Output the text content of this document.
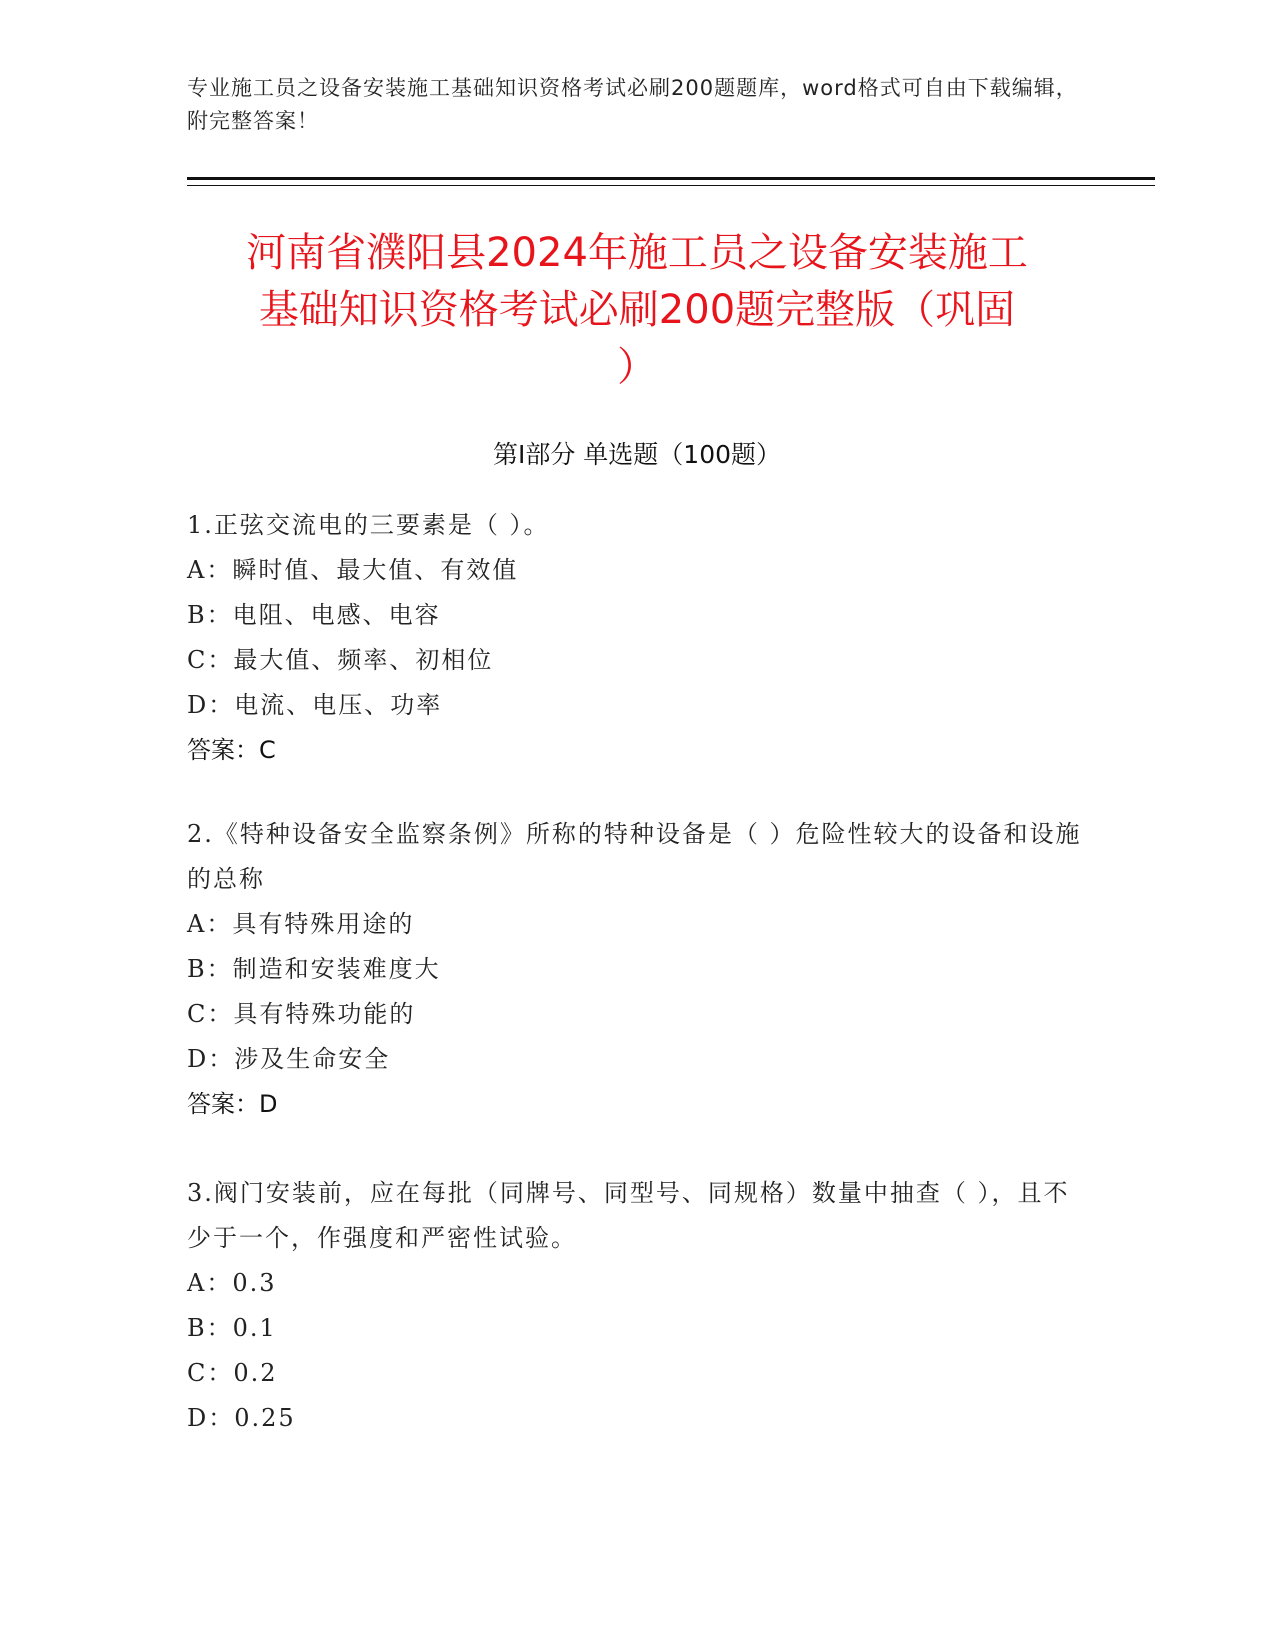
专业施工员之设备安装施工基础知识资格考试必刷200题题库，word格式可自由下载编辑，附完整答案！

河南省濮阳县2024年施工员之设备安装施工
基础知识资格考试必刷200题完整版（巩固
）
第Ⅰ部分 单选题（100题）

1.正弦交流电的三要素是（ ）。

A：瞬时值、最大值、有效值

B：电阻、电感、电容

C：最大值、频率、初相位

D：电流、电压、功率

答案：C

2.《特种设备安全监察条例》所称的特种设备是（ ）危险性较大的设备和设施的总称

A：具有特殊用途的

B：制造和安装难度大

C：具有特殊功能的

D：涉及生命安全

答案：D

3.阀门安装前，应在每批（同牌号、同型号、同规格）数量中抽查（ ），且不少于一个，作强度和严密性试验。

A：0.3

B：0.1

C：0.2

D：0.25
